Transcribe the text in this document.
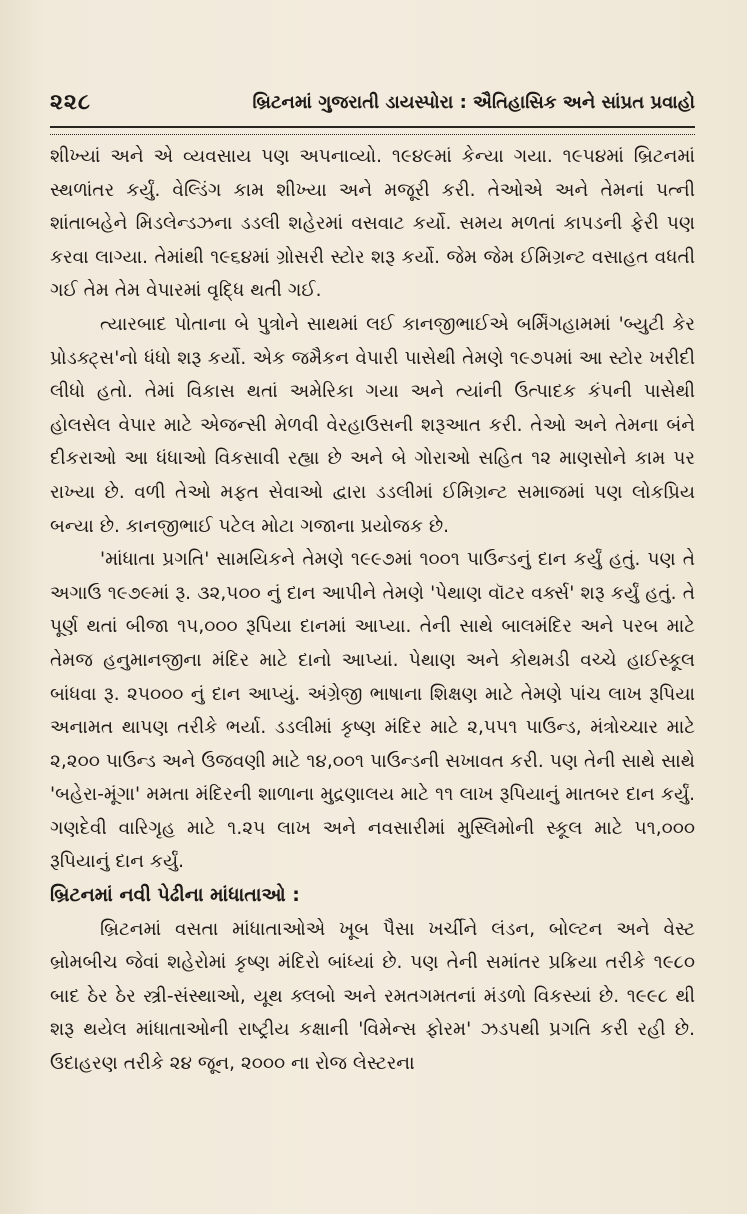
૨૨૮	બ્રિટનમાં ગુજરાતી ડાયસ્પોરા : ઐતિહાસિક અને સાંપ્રત પ્રવાહો

શીખ્યાં અને એ વ્યવસાય પણ અપનાવ્યો. ૧૯૪૯માં કેન્યા ગયા. ૧૯૫૪માં બ્રિટનમાં સ્થળાંતર કર્યું. વેલ્ડિંગ કામ શીખ્યા અને મજૂરી કરી. તેઓએ અને તેમનાં પત્ની શાંતાબહેને મિડલેન્ડઝના ડડલી શહેરમાં વસવાટ કર્યો. સમય મળતાં કાપડની ફેરી પણ કરવા લાગ્યા. તેમાંથી ૧૯૬૪માં ગ્રોસરી સ્ટોર શરૂ કર્યો. જેમ જેમ ઈમિગ્રન્ટ વસાહત વધતી ગઈ તેમ તેમ વેપારમાં વૃદ્ધિ થતી ગઈ.

ત્યારબાદ પોતાના બે પુત્રોને સાથમાં લઈ કાનજીભાઈએ બર્મિંગહામમાં 'બ્યુટી કેર પ્રોડક્ટ્સ'નો ધંધો શરૂ કર્યો. એક જમૈકન વેપારી પાસેથી તેમણે ૧૯૭૫માં આ સ્ટોર ખરીદી લીધો હતો. તેમાં વિકાસ થતાં અમેરિકા ગયા અને ત્યાંની ઉત્પાદક કંપની પાસેથી હોલસેલ વેપાર માટે એજન્સી મેળવી વેરહાઉસની શરૂઆત કરી. તેઓ અને તેમના બંને દીકરાઓ આ ધંધાઓ વિકસાવી રહ્યા છે અને બે ગોરાઓ સહિત ૧૨ માણસોને કામ પર રાખ્યા છે. વળી તેઓ મફત સેવાઓ દ્વારા ડડલીમાં ઈમિગ્રન્ટ સમાજમાં પણ લોકપ્રિય બન્યા છે. કાનજીભાઈ પટેલ મોટા ગજાના પ્રયોજક છે.

'માંધાતા પ્રગતિ' સામયિકને તેમણે ૧૯૯૭માં ૧૦૦૧ પાઉન્ડનું દાન કર્યું હતું. પણ તે અગાઉ ૧૯૭૯માં રૂ. ૩૨,૫૦૦ નું દાન આપીને તેમણે 'પેથાણ વૉટર વર્ક્સ' શરૂ કર્યું હતું. તે પૂર્ણ થતાં બીજા ૧૫,૦૦૦ રૂપિયા દાનમાં આપ્યા. તેની સાથે બાલમંદિર અને પરબ માટે તેમજ હનુમાનજીના મંદિર માટે દાનો આપ્યાં. પેથાણ અને કોથમડી વચ્ચે હાઈસ્કૂલ બાંધવા રૂ. ૨૫૦૦૦ નું દાન આપ્યું. અંગ્રેજી ભાષાના શિક્ષણ માટે તેમણે પાંચ લાખ રૂપિયા અનામત થાપણ તરીકે ભર્યા. ડડલીમાં કૃષ્ણ મંદિર માટે ૨,૫૫૧ પાઉન્ડ, મંત્રોચ્ચાર માટે ૨,૨૦૦ પાઉન્ડ અને ઉજવણી માટે ૧૪,૦૦૧ પાઉન્ડની સખાવત કરી. પણ તેની સાથે સાથે 'બહેરા-મૂંગા' મમતા મંદિરની શાળાના મુદ્રણાલય માટે ૧૧ લાખ રૂપિયાનું માતબર દાન કર્યું. ગણદેવી વારિગૃહ માટે ૧.૨૫ લાખ અને નવસારીમાં મુસ્લિમોની સ્કૂલ માટે ૫૧,૦૦૦ રૂપિયાનું દાન કર્યું.

બ્રિટનમાં નવી પેઢીના માંધાતાઓ :

બ્રિટનમાં વસતા માંધાતાઓએ ખૂબ પૈસા ખર્ચીને લંડન, બોલ્ટન અને વેસ્ટ બ્રોમબીચ જેવાં શહેરોમાં કૃષ્ણ મંદિરો બાંધ્યાં છે. પણ તેની સમાંતર પ્રક્રિયા તરીકે ૧૯૮૦ બાદ ઠેર ઠેર સ્ત્રી-સંસ્થાઓ, યૂથ ક્લબો અને રમતગમતનાં મંડળો વિકસ્યાં છે. ૧૯૯૮ થી શરૂ થયેલ માંધાતાઓની રાષ્ટ્રીય કક્ષાની 'વિમેન્સ ફોરમ' ઝડપથી પ્રગતિ કરી રહી છે. ઉદાહરણ તરીકે ૨૪ જૂન, ૨૦૦૦ ના રોજ લેસ્ટરના
